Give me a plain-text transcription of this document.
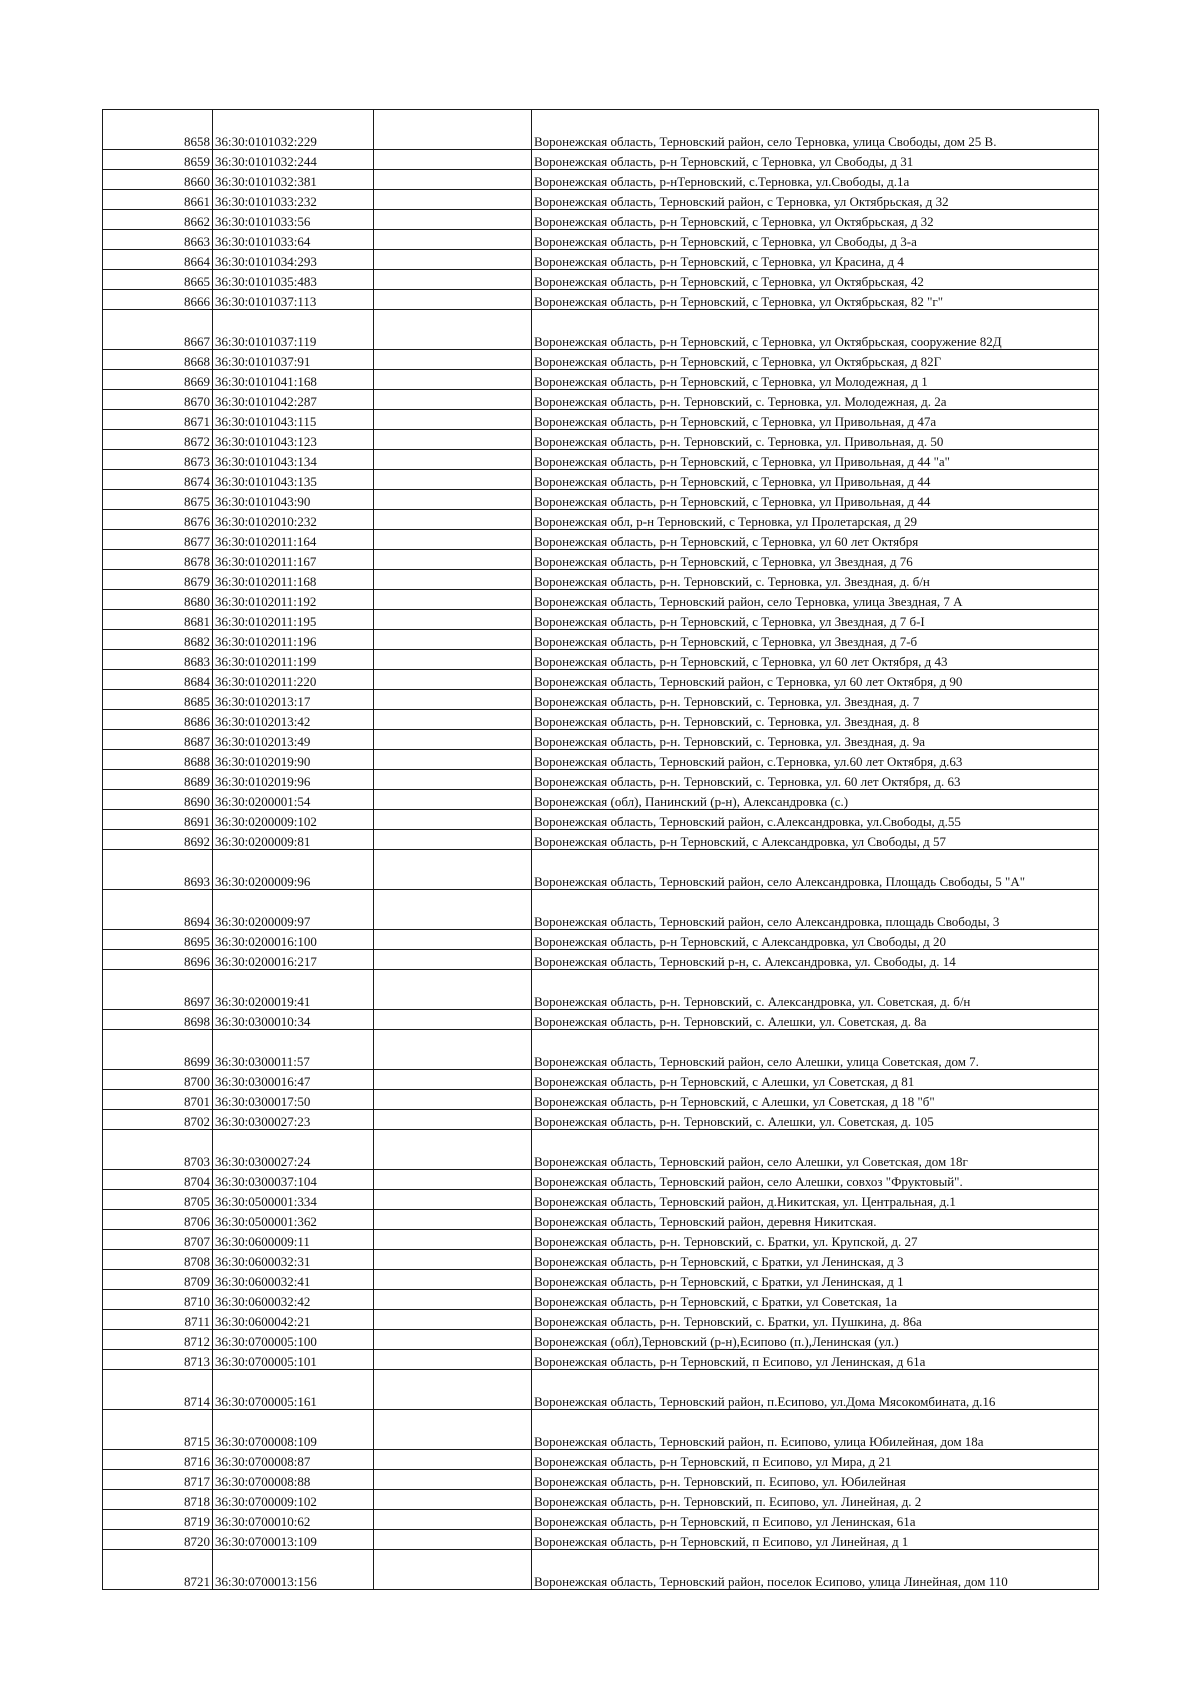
8658	36:30:0101032:229		Воронежская область, Терновский район, село Терновка, улица Свободы, дом 25 В.
8659	36:30:0101032:244		Воронежская область, р-н Терновский, с Терновка, ул Свободы, д 31
8660	36:30:0101032:381		Воронежская область, р-нТерновский, с.Терновка, ул.Свободы, д.1а
8661	36:30:0101033:232		Воронежская область, Терновский район, с Терновка, ул Октябрьская, д 32
8662	36:30:0101033:56		Воронежская область, р-н Терновский, с Терновка, ул Октябрьская, д 32
8663	36:30:0101033:64		Воронежская область, р-н Терновский, с Терновка, ул Свободы, д 3-а
8664	36:30:0101034:293		Воронежская область, р-н Терновский, с Терновка, ул Красина, д 4
8665	36:30:0101035:483		Воронежская область, р-н Терновский, с Терновка, ул Октябрьская, 42
8666	36:30:0101037:113		Воронежская область, р-н Терновский, с Терновка, ул Октябрьская, 82 "г"
8667	36:30:0101037:119		Воронежская область, р-н Терновский, с Терновка, ул Октябрьская, сооружение 82Д
8668	36:30:0101037:91		Воронежская область, р-н Терновский, с Терновка, ул Октябрьская, д 82Г
8669	36:30:0101041:168		Воронежская область, р-н Терновский, с Терновка, ул Молодежная, д 1
8670	36:30:0101042:287		Воронежская область, р-н. Терновский, с. Терновка, ул. Молодежная, д. 2а
8671	36:30:0101043:115		Воронежская область, р-н Терновский, с Терновка, ул Привольная, д 47а
8672	36:30:0101043:123		Воронежская область, р-н. Терновский, с. Терновка, ул. Привольная, д. 50
8673	36:30:0101043:134		Воронежская область, р-н Терновский, с Терновка, ул Привольная, д 44 "а"
8674	36:30:0101043:135		Воронежская область, р-н Терновский, с Терновка, ул Привольная, д 44
8675	36:30:0101043:90		Воронежская область, р-н Терновский, с Терновка, ул Привольная, д 44
8676	36:30:0102010:232		Воронежская обл, р-н Терновский, с Терновка, ул Пролетарская, д 29
8677	36:30:0102011:164		Воронежская область, р-н Терновский, с Терновка, ул 60 лет Октября
8678	36:30:0102011:167		Воронежская область, р-н Терновский, с Терновка, ул Звездная, д 76
8679	36:30:0102011:168		Воронежская область, р-н. Терновский, с. Терновка, ул. Звездная, д. б/н
8680	36:30:0102011:192		Воронежская область, Терновский район, село Терновка, улица Звездная, 7 А
8681	36:30:0102011:195		Воронежская область, р-н Терновский, с Терновка, ул Звездная, д 7 б-I
8682	36:30:0102011:196		Воронежская область, р-н Терновский, с Терновка, ул Звездная, д 7-б
8683	36:30:0102011:199		Воронежская область, р-н Терновский, с Терновка, ул 60 лет Октября, д 43
8684	36:30:0102011:220		Воронежская область, Терновский район, с Терновка, ул 60 лет Октября, д 90
8685	36:30:0102013:17		Воронежская область, р-н. Терновский, с. Терновка, ул. Звездная, д. 7
8686	36:30:0102013:42		Воронежская область, р-н. Терновский, с. Терновка, ул. Звездная, д. 8
8687	36:30:0102013:49		Воронежская область, р-н. Терновский, с. Терновка, ул. Звездная, д. 9а
8688	36:30:0102019:90		Воронежская область, Терновский район, с.Терновка, ул.60 лет Октября, д.63
8689	36:30:0102019:96		Воронежская область, р-н. Терновский, с. Терновка, ул. 60 лет Октября, д. 63
8690	36:30:0200001:54		Воронежская (обл), Панинский (р-н), Александровка (с.)
8691	36:30:0200009:102		Воронежская область, Терновский район, с.Александровка, ул.Свободы, д.55
8692	36:30:0200009:81		Воронежская область, р-н Терновский, с Александровка, ул Свободы, д 57
8693	36:30:0200009:96		Воронежская область, Терновский район, село Александровка, Площадь Свободы, 5 "А"
8694	36:30:0200009:97		Воронежская область, Терновский район, село Александровка, площадь Свободы, 3
8695	36:30:0200016:100		Воронежская область, р-н Терновский, с Александровка, ул Свободы, д 20
8696	36:30:0200016:217		Воронежская область, Терновский р-н, с. Александровка, ул. Свободы, д. 14
8697	36:30:0200019:41		Воронежская область, р-н. Терновский, с. Александровка, ул. Советская, д. б/н
8698	36:30:0300010:34		Воронежская область, р-н. Терновский, с. Алешки, ул. Советская, д. 8а
8699	36:30:0300011:57		Воронежская область, Терновский район, село Алешки, улица Советская, дом 7.
8700	36:30:0300016:47		Воронежская область, р-н Терновский, с Алешки, ул Советская, д 81
8701	36:30:0300017:50		Воронежская область, р-н Терновский, с Алешки, ул Советская, д 18 "б"
8702	36:30:0300027:23		Воронежская область, р-н. Терновский, с. Алешки, ул. Советская, д. 105
8703	36:30:0300027:24		Воронежская область, Терновский район, село Алешки, ул Советская, дом 18г
8704	36:30:0300037:104		Воронежская область, Терновский район, село Алешки, совхоз "Фруктовый".
8705	36:30:0500001:334		Воронежская область, Терновский район, д.Никитская, ул. Центральная, д.1
8706	36:30:0500001:362		Воронежская область, Терновский район, деревня Никитская.
8707	36:30:0600009:11		Воронежская область, р-н. Терновский, с. Братки, ул. Крупской, д. 27
8708	36:30:0600032:31		Воронежская область, р-н Терновский, с Братки, ул Ленинская, д 3
8709	36:30:0600032:41		Воронежская область, р-н Терновский, с Братки, ул Ленинская, д 1
8710	36:30:0600032:42		Воронежская область, р-н Терновский, с Братки, ул Советская, 1а
8711	36:30:0600042:21		Воронежская область, р-н. Терновский, с. Братки, ул. Пушкина, д. 86а
8712	36:30:0700005:100		Воронежская (обл),Терновский (р-н),Есипово (п.),Ленинская (ул.)
8713	36:30:0700005:101		Воронежская область, р-н Терновский, п Есипово, ул Ленинская, д 61а
8714	36:30:0700005:161		Воронежская область, Терновский район, п.Есипово, ул.Дома Мясокомбината, д.16
8715	36:30:0700008:109		Воронежская область, Терновский район, п. Есипово, улица Юбилейная, дом 18а
8716	36:30:0700008:87		Воронежская область, р-н Терновский, п Есипово, ул Мира, д 21
8717	36:30:0700008:88		Воронежская область, р-н. Терновский, п. Есипово, ул. Юбилейная
8718	36:30:0700009:102		Воронежская область, р-н. Терновский, п. Есипово, ул. Линейная, д. 2
8719	36:30:0700010:62		Воронежская область, р-н Терновский, п Есипово, ул Ленинская, 61а
8720	36:30:0700013:109		Воронежская область, р-н Терновский, п Есипово, ул Линейная, д 1
8721	36:30:0700013:156		Воронежская область, Терновский район, поселок Есипово, улица Линейная, дом 110
